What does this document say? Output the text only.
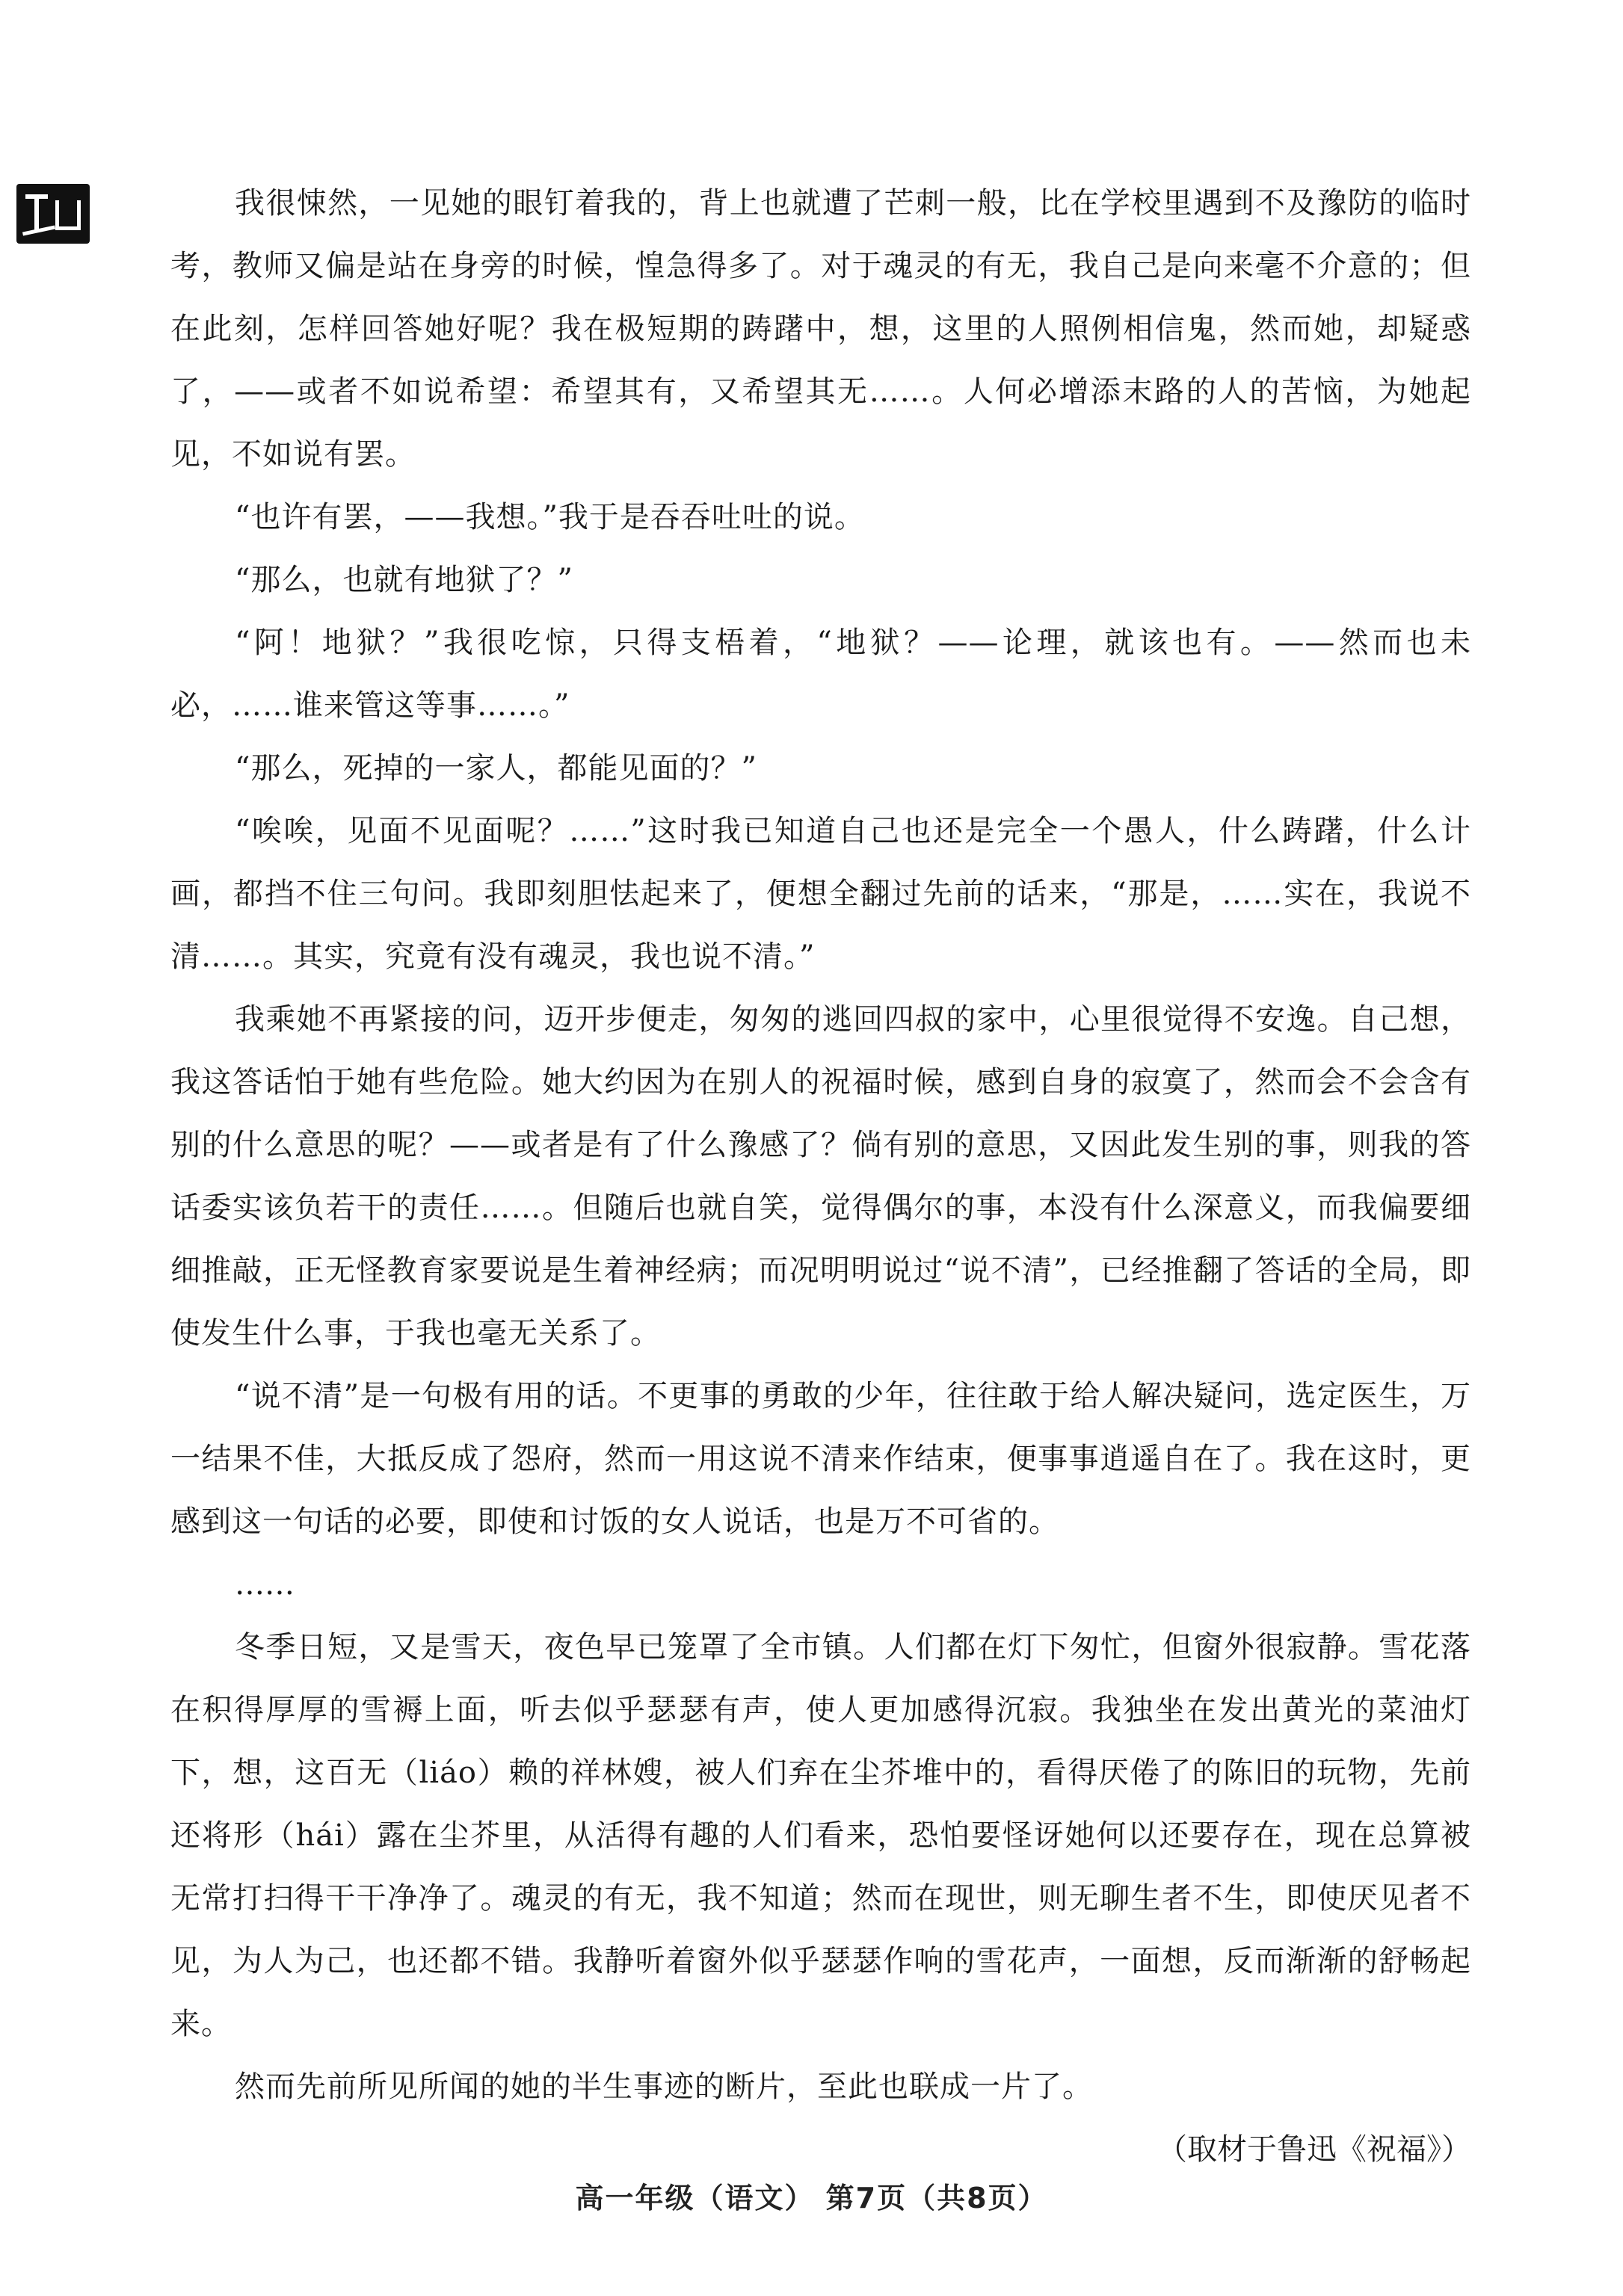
我很悚然，一见她的眼钉着我的，背上也就遭了芒刺一般，比在学校里遇到不及豫防的临时考，教师又偏是站在身旁的时候，惶急得多了。对于魂灵的有无，我自己是向来毫不介意的；但在此刻，怎样回答她好呢？我在极短期的踌躇中，想，这里的人照例相信鬼，然而她，却疑惑了，——或者不如说希望：希望其有，又希望其无……。人何必增添末路的人的苦恼，为她起见，不如说有罢。

“也许有罢，——我想。”我于是吞吞吐吐的说。

“那么，也就有地狱了？”

“阿！地狱？”我很吃惊，只得支梧着，“地狱？——论理，就该也有。——然而也未必，……谁来管这等事……。”

“那么，死掉的一家人，都能见面的？”

“唉唉，见面不见面呢？……”这时我已知道自己也还是完全一个愚人，什么踌躇，什么计画，都挡不住三句问。我即刻胆怯起来了，便想全翻过先前的话来，“那是，……实在，我说不清……。其实，究竟有没有魂灵，我也说不清。”

我乘她不再紧接的问，迈开步便走，匆匆的逃回四叔的家中，心里很觉得不安逸。自己想，我这答话怕于她有些危险。她大约因为在别人的祝福时候，感到自身的寂寞了，然而会不会含有别的什么意思的呢？——或者是有了什么豫感了？倘有别的意思，又因此发生别的事，则我的答话委实该负若干的责任……。但随后也就自笑，觉得偶尔的事，本没有什么深意义，而我偏要细细推敲，正无怪教育家要说是生着神经病；而况明明说过“说不清”，已经推翻了答话的全局，即使发生什么事，于我也毫无关系了。

“说不清”是一句极有用的话。不更事的勇敢的少年，往往敢于给人解决疑问，选定医生，万一结果不佳，大抵反成了怨府，然而一用这说不清来作结束，便事事逍遥自在了。我在这时，更感到这一句话的必要，即使和讨饭的女人说话，也是万不可省的。

……

冬季日短，又是雪天，夜色早已笼罩了全市镇。人们都在灯下匆忙，但窗外很寂静。雪花落在积得厚厚的雪褥上面，听去似乎瑟瑟有声，使人更加感得沉寂。我独坐在发出黄光的菜油灯下，想，这百无（liáo）赖的祥林嫂，被人们弃在尘芥堆中的，看得厌倦了的陈旧的玩物，先前还将形（hái）露在尘芥里，从活得有趣的人们看来，恐怕要怪讶她何以还要存在，现在总算被无常打扫得干干净净了。魂灵的有无，我不知道；然而在现世，则无聊生者不生，即使厌见者不见，为人为己，也还都不错。我静听着窗外似乎瑟瑟作响的雪花声，一面想，反而渐渐的舒畅起来。

然而先前所见所闻的她的半生事迹的断片，至此也联成一片了。

（取材于鲁迅《祝福》）

高一年级（语文） 第7页（共8页）
